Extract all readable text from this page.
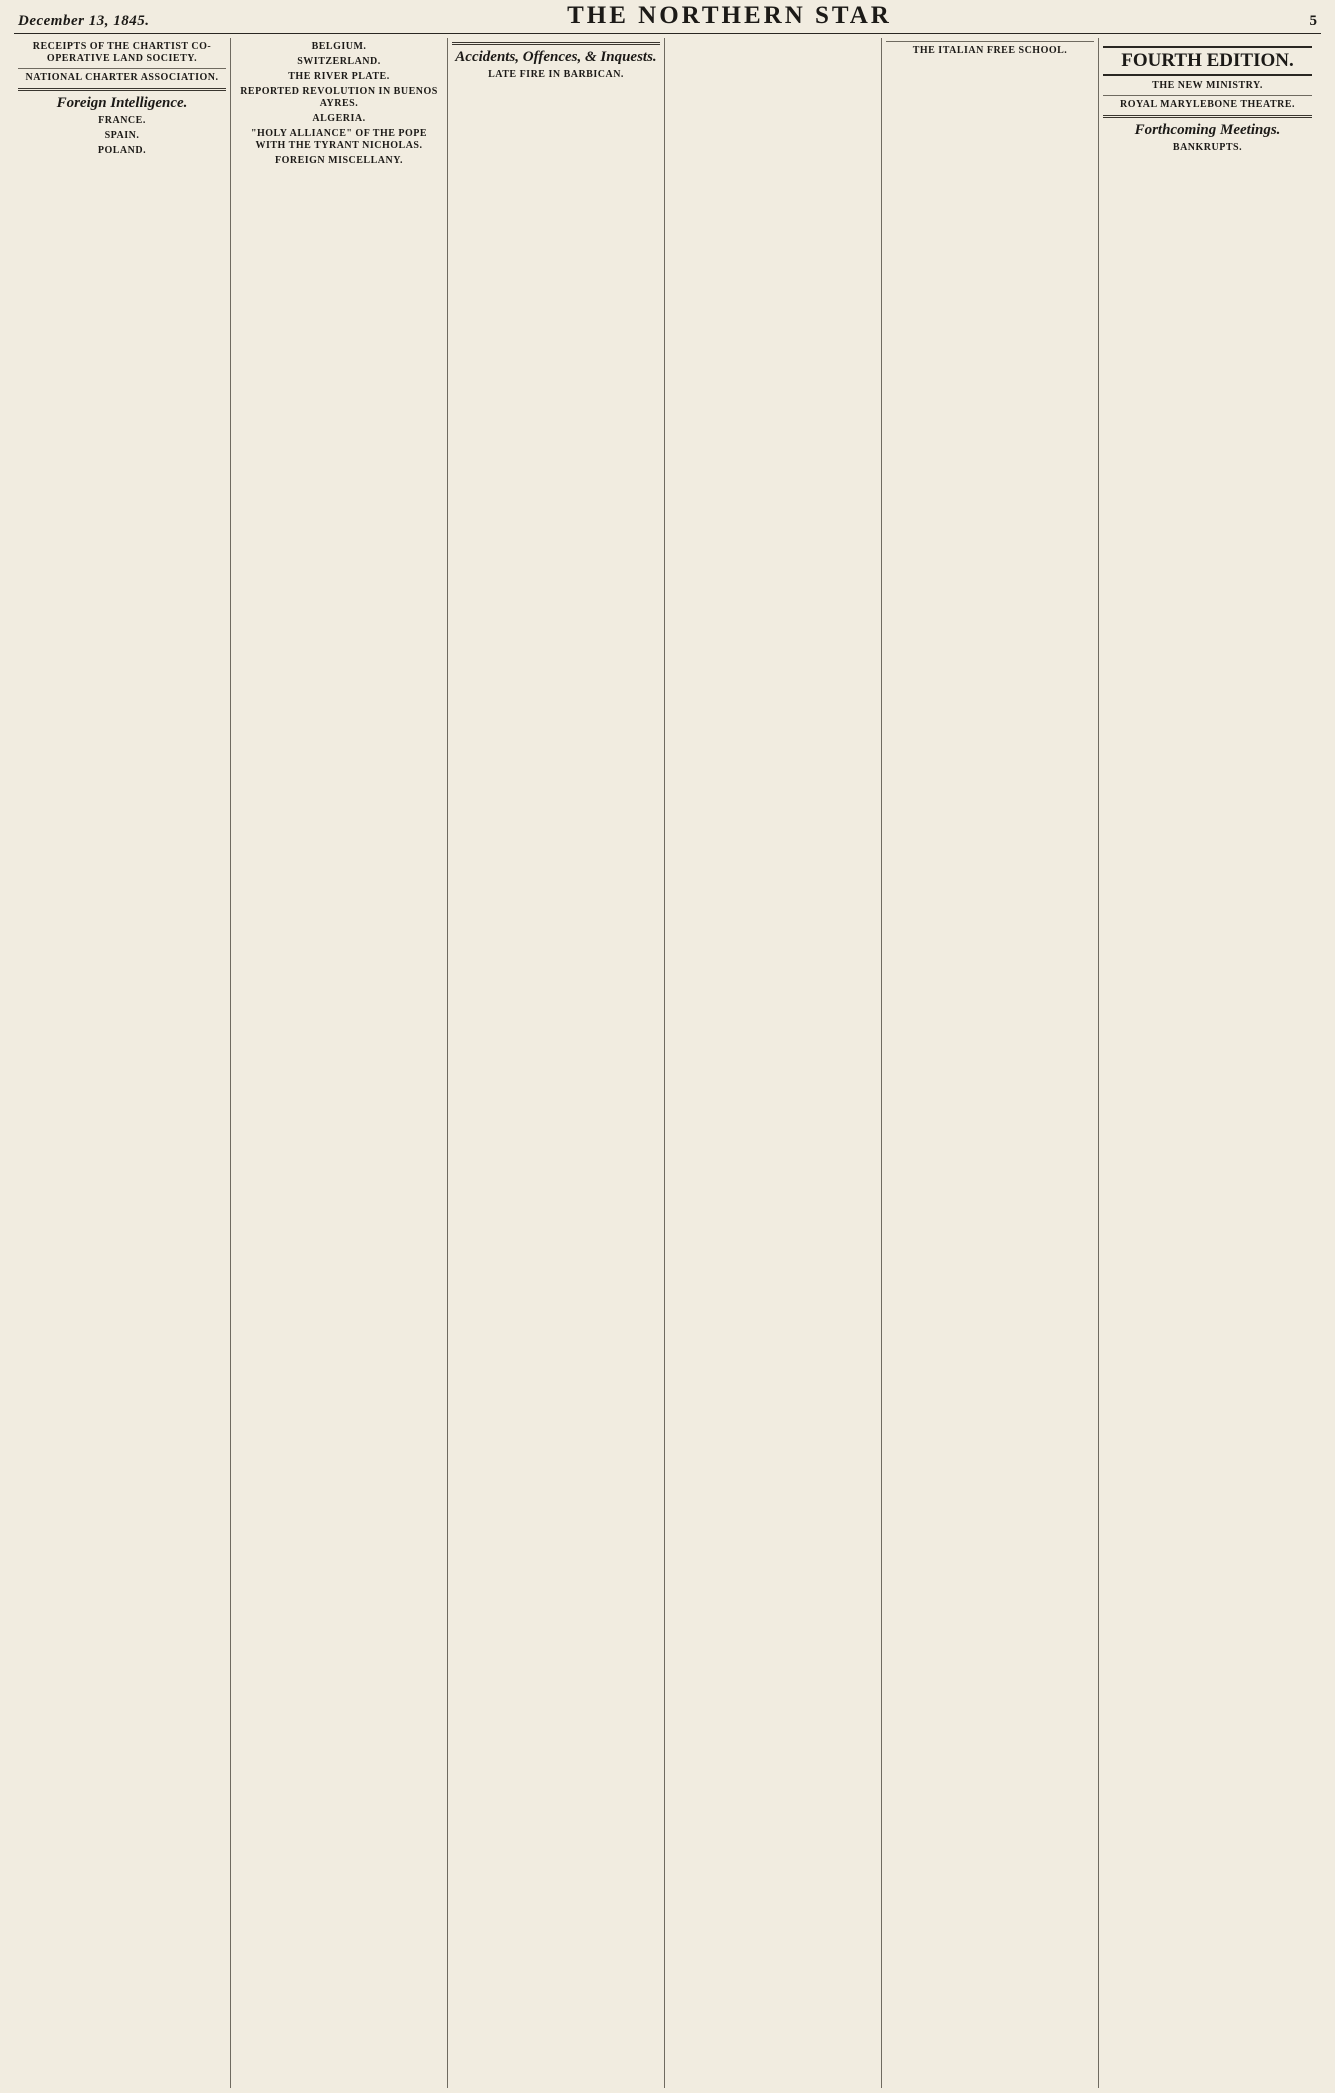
December 13, 1845.	THE NORTHERN STAR	5
RECEIPTS OF THE CHARTIST CO-OPERATIVE LAND SOCIETY.
NATIONAL CHARTER ASSOCIATION.
Foreign Intelligence.
FRANCE.
SPAIN.
POLAND.
BELGIUM.
SWITZERLAND.
THE RIVER PLATE.
REPORTED REVOLUTION IN BUENOS AYRES.
ALGERIA.
"HOLY ALLIANCE" OF THE POPE WITH THE TYRANT NICHOLAS.
FOREIGN MISCELLANY.
Accidents, Offences, & Inquests.
LATE FIRE IN BARBICAN.
THE ITALIAN FREE SCHOOL.	FOURTH EDITION.
THE NEW MINISTRY.
ROYAL MARYLEBONE THEATRE.
Forthcoming Meetings.
BANKRUPTS.
